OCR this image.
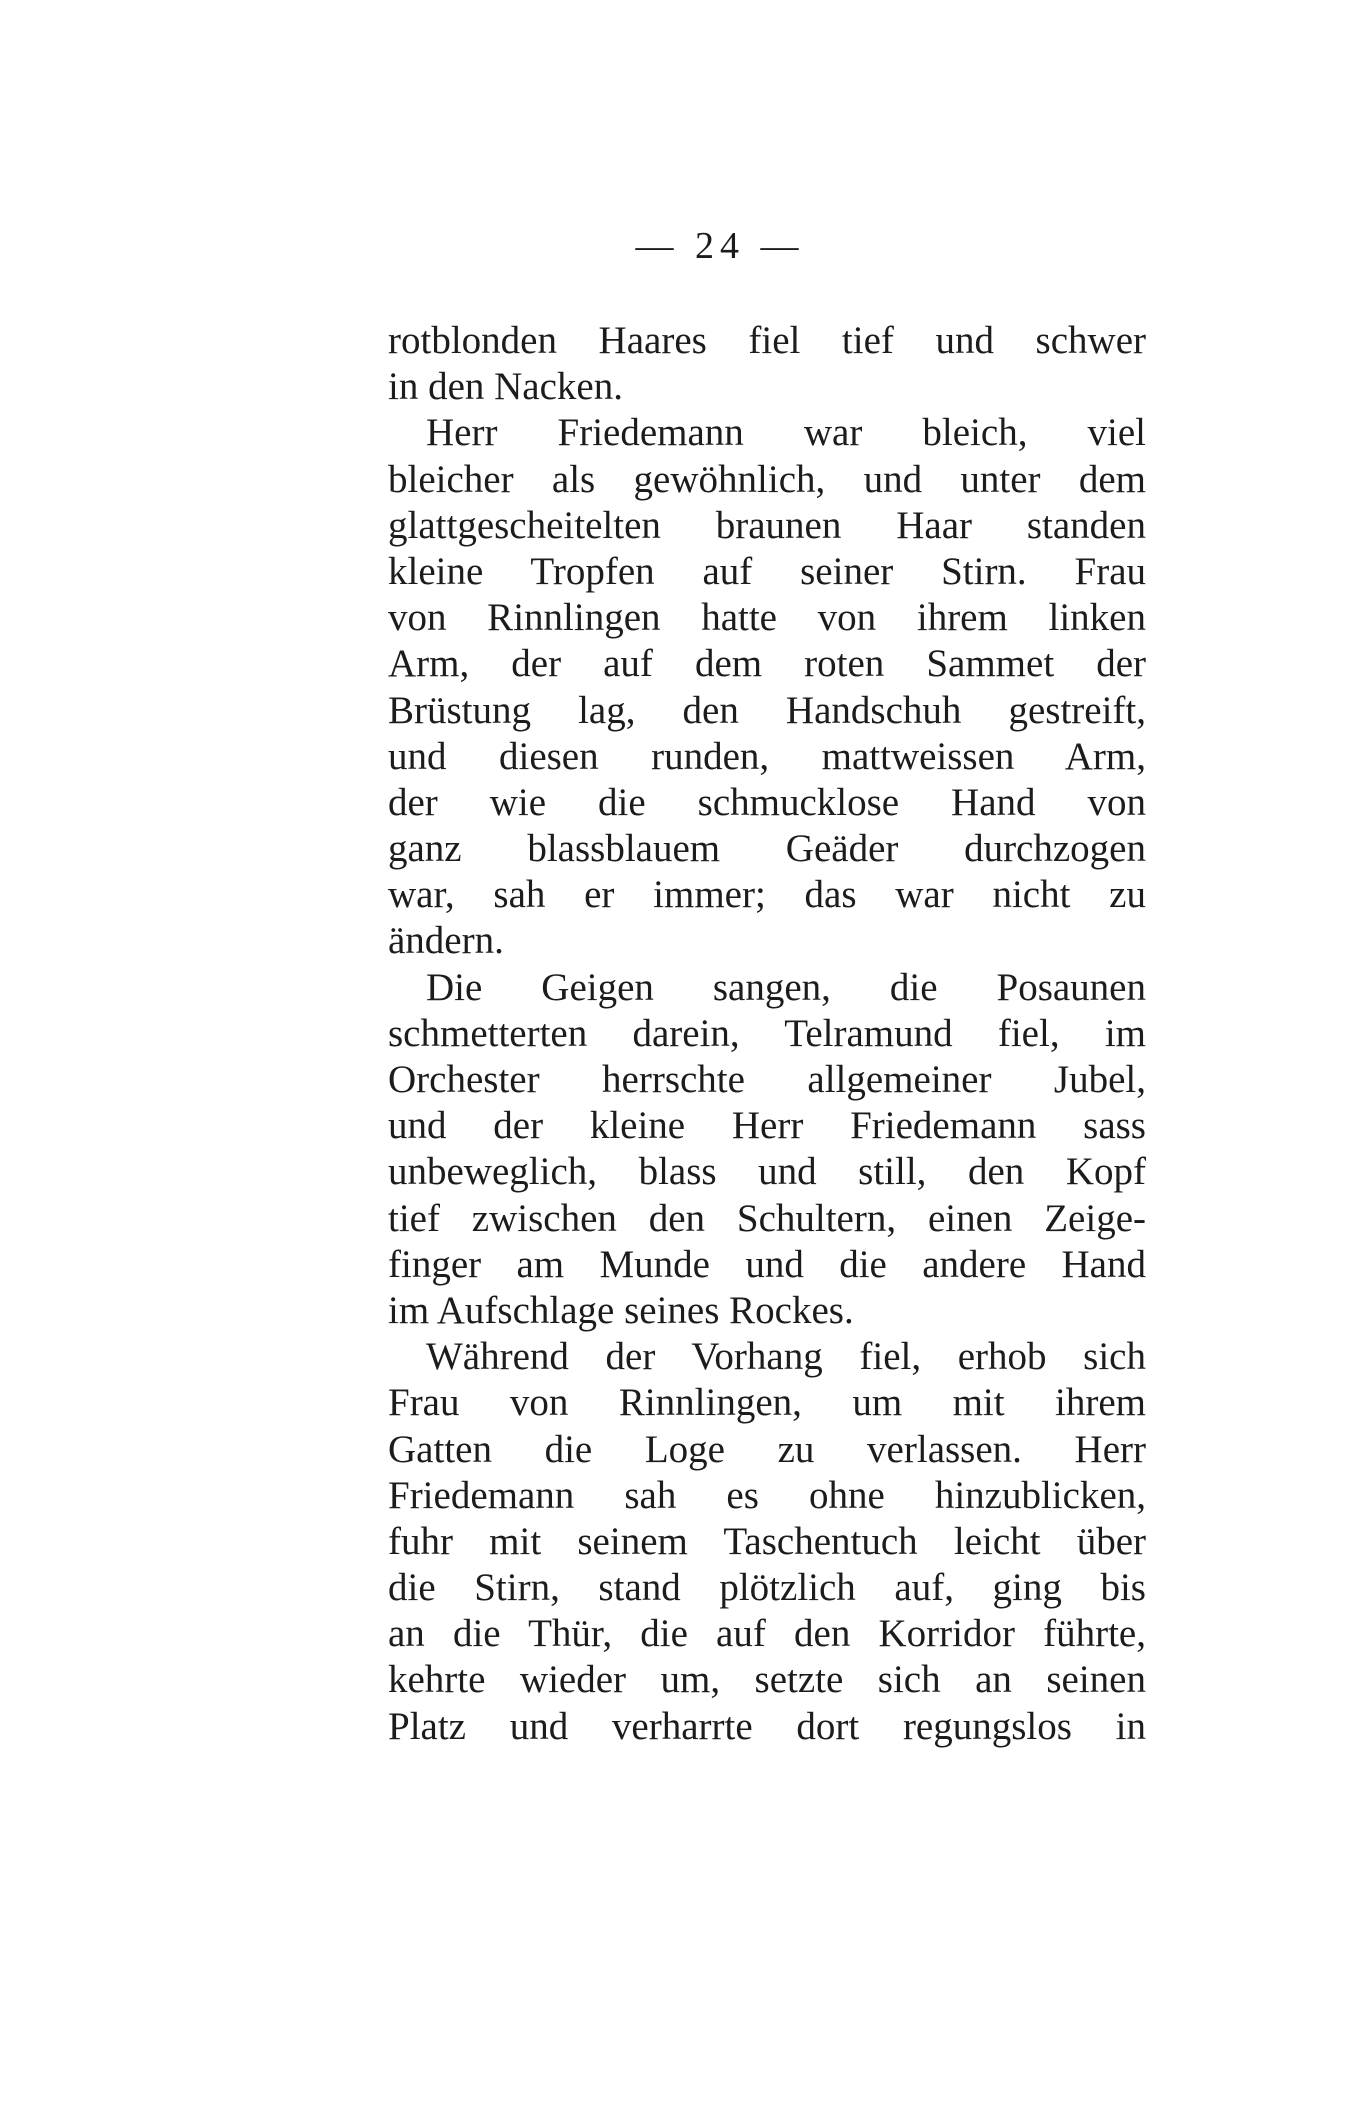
— 24 —
rotblonden Haares fiel tief und schwer
in den Nacken.
Herr Friedemann war bleich, viel
bleicher als gewöhnlich, und unter dem
glattgescheitelten braunen Haar standen
kleine Tropfen auf seiner Stirn. Frau
von Rinnlingen hatte von ihrem linken
Arm, der auf dem roten Sammet der
Brüstung lag, den Handschuh gestreift,
und diesen runden, mattweissen Arm,
der wie die schmucklose Hand von
ganz blassblauem Geäder durchzogen
war, sah er immer; das war nicht zu
ändern.
Die Geigen sangen, die Posaunen
schmetterten darein, Telramund fiel, im
Orchester herrschte allgemeiner Jubel,
und der kleine Herr Friedemann sass
unbeweglich, blass und still, den Kopf
tief zwischen den Schultern, einen Zeige-
finger am Munde und die andere Hand
im Aufschlage seines Rockes.
Während der Vorhang fiel, erhob sich
Frau von Rinnlingen, um mit ihrem
Gatten die Loge zu verlassen. Herr
Friedemann sah es ohne hinzublicken,
fuhr mit seinem Taschentuch leicht über
die Stirn, stand plötzlich auf, ging bis
an die Thür, die auf den Korridor führte,
kehrte wieder um, setzte sich an seinen
Platz und verharrte dort regungslos in
